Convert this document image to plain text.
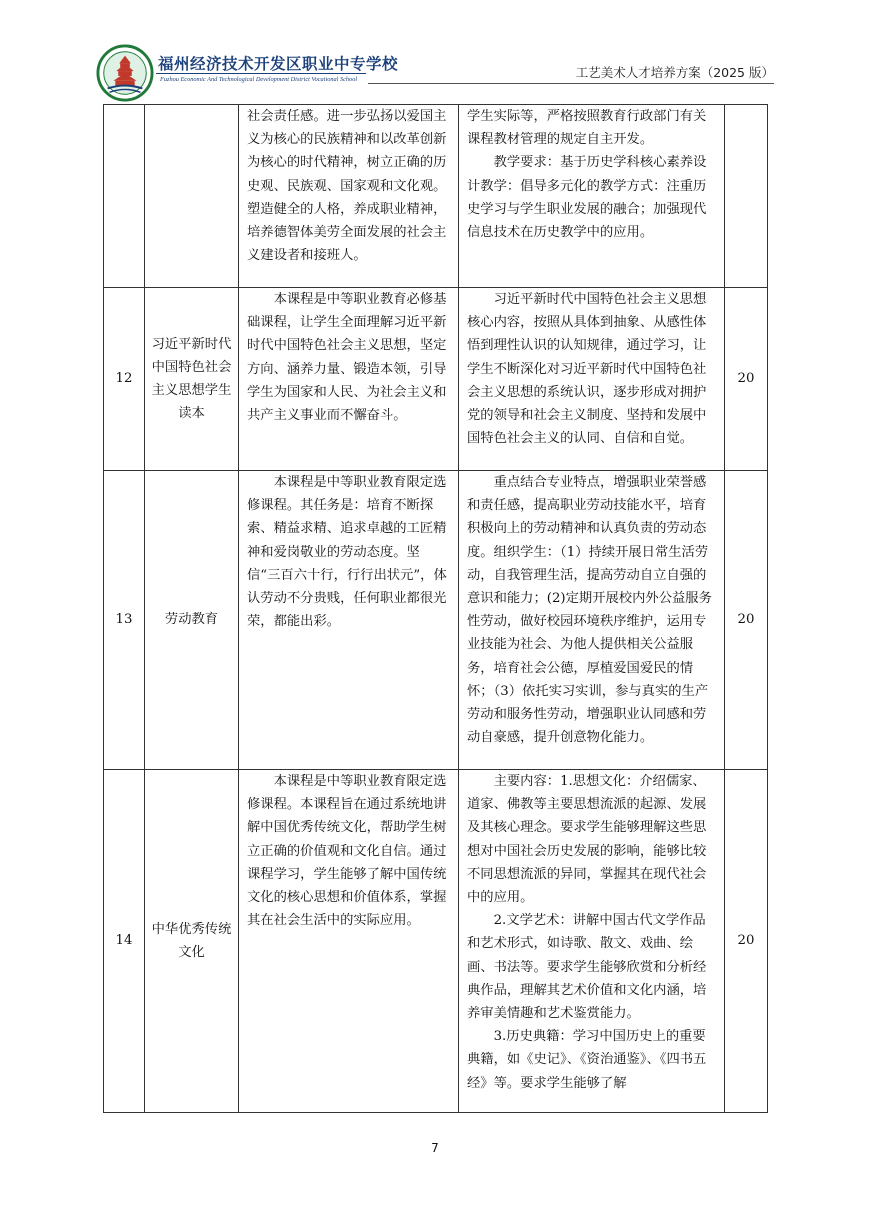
福州经济技术开发区职业中专学校
Fuzhou Economic And Technological Development District Vocational School	工艺美术人才培养方案（2025 版）

		社会责任感。进一步弘扬以爱国主义为核心的民族精神和以改革创新为核心的时代精神，树立正确的历史观、民族观、国家观和文化观。塑造健全的人格，养成职业精神，培养德智体美劳全面发展的社会主义建设者和接班人。	学生实际等，严格按照教育行政部门有关课程教材管理的规定自主开发。

教学要求：基于历史学科核心素养设计教学：倡导多元化的教学方式：注重历史学习与学生职业发展的融合；加强现代信息技术在历史教学中的应用。	

12	习近平新时代中国特色社会主义思想学生读本	本课程是中等职业教育必修基础课程，让学生全面理解习近平新时代中国特色社会主义思想，坚定方向、涵养力量、锻造本领，引导学生为国家和人民、为社会主义和共产主义事业而不懈奋斗。	习近平新时代中国特色社会主义思想核心内容，按照从具体到抽象、从感性体悟到理性认识的认知规律，通过学习，让学生不断深化对习近平新时代中国特色社会主义思想的系统认识，逐步形成对拥护党的领导和社会主义制度、坚持和发展中国特色社会主义的认同、自信和自觉。	20
13	劳动教育	本课程是中等职业教育限定选修课程。其任务是：培育不断探索、精益求精、追求卓越的工匠精神和爱岗敬业的劳动态度。坚信“三百六十行，行行出状元”，体认劳动不分贵贱，任何职业都很光荣，都能出彩。	重点结合专业特点，增强职业荣誉感和责任感，提高职业劳动技能水平，培育积极向上的劳动精神和认真负责的劳动态度。组织学生：（1）持续开展日常生活劳动，自我管理生活，提高劳动自立自强的意识和能力；(2)定期开展校内外公益服务性劳动，做好校园环境秩序维护，运用专业技能为社会、为他人提供相关公益服务，培育社会公德，厚植爱国爱民的情怀；（3）依托实习实训，参与真实的生产劳动和服务性劳动，增强职业认同感和劳动自豪感，提升创意物化能力。	20
14	中华优秀传统文化	本课程是中等职业教育限定选修课程。本课程旨在通过系统地讲解中国优秀传统文化，帮助学生树立正确的价值观和文化自信。通过课程学习，学生能够了解中国传统文化的核心思想和价值体系，掌握其在社会生活中的实际应用。	主要内容：1.思想文化：介绍儒家、道家、佛教等主要思想流派的起源、发展及其核心理念。要求学生能够理解这些思想对中国社会历史发展的影响，能够比较不同思想流派的异同，掌握其在现代社会中的应用。

2.文学艺术：讲解中国古代文学作品和艺术形式，如诗歌、散文、戏曲、绘画、书法等。要求学生能够欣赏和分析经典作品，理解其艺术价值和文化内涵，培养审美情趣和艺术鉴赏能力。

3.历史典籍：学习中国历史上的重要典籍，如《史记》、《资治通鉴》、《四书五经》等。要求学生能够了解	20
7
